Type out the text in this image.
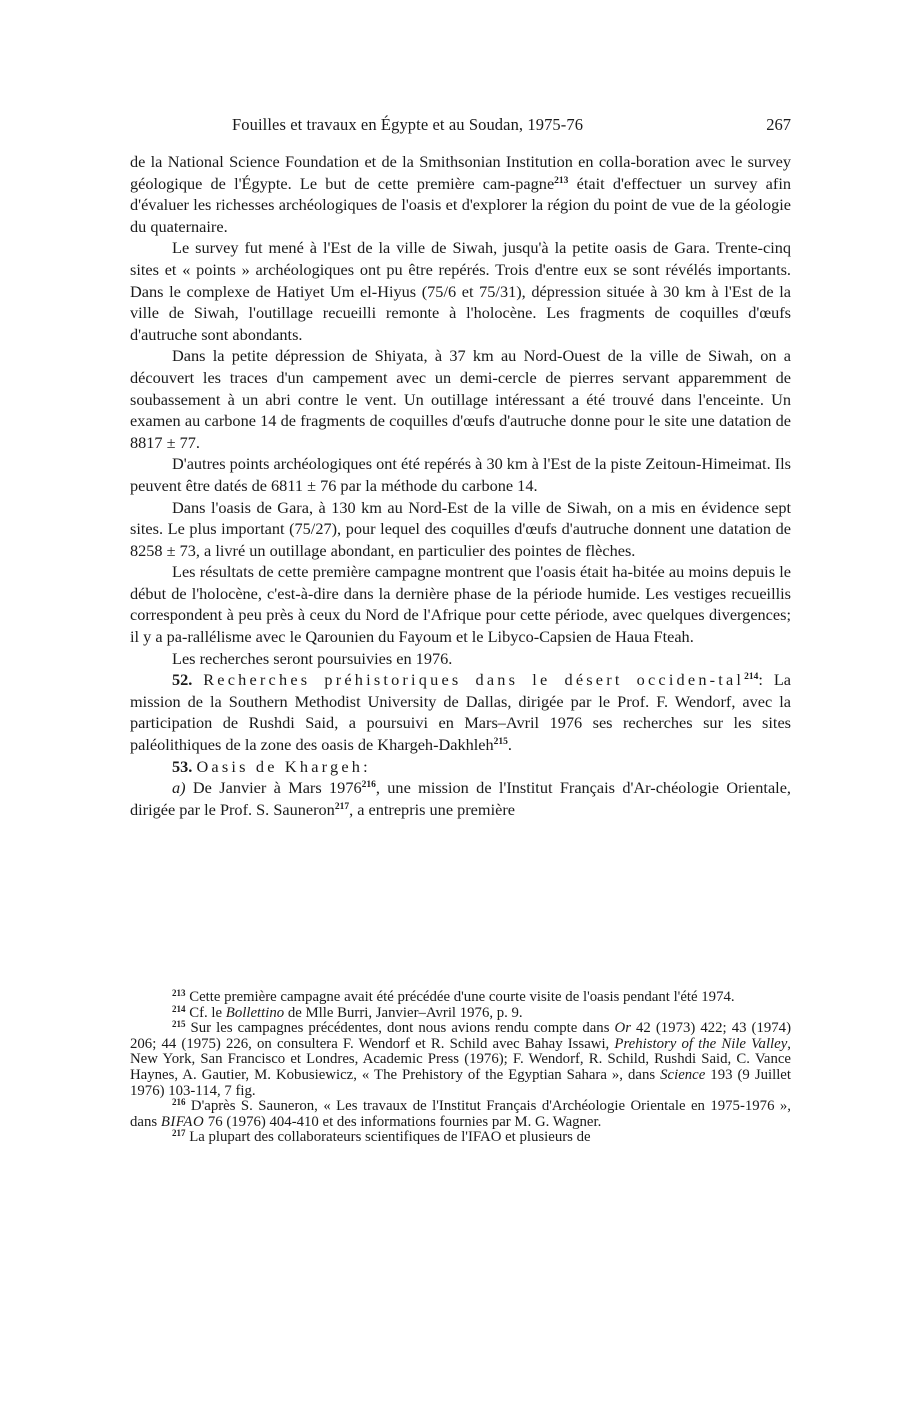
Fouilles et travaux en Égypte et au Soudan, 1975-76	267

de la National Science Foundation et de la Smithsonian Institution en colla-boration avec le survey géologique de l'Égypte. Le but de cette première cam-pagne$^{213}$ était d'effectuer un survey afin d'évaluer les richesses archéologiques de l'oasis et d'explorer la région du point de vue de la géologie du quaternaire.

Le survey fut mené à l'Est de la ville de Siwah, jusqu'à la petite oasis de Gara. Trente-cinq sites et « points » archéologiques ont pu être repérés. Trois d'entre eux se sont révélés importants. Dans le complexe de Hatiyet Um el-Hiyus (75/6 et 75/31), dépression située à 30 km à l'Est de la ville de Siwah, l'outillage recueilli remonte à l'holocène. Les fragments de coquilles d'œufs d'autruche sont abondants.

Dans la petite dépression de Shiyata, à 37 km au Nord-Ouest de la ville de Siwah, on a découvert les traces d'un campement avec un demi-cercle de pierres servant apparemment de soubassement à un abri contre le vent. Un outillage intéressant a été trouvé dans l'enceinte. Un examen au carbone 14 de fragments de coquilles d'œufs d'autruche donne pour le site une datation de 8817 ± 77.

D'autres points archéologiques ont été repérés à 30 km à l'Est de la piste Zeitoun-Himeimat. Ils peuvent être datés de 6811 ± 76 par la méthode du carbone 14.

Dans l'oasis de Gara, à 130 km au Nord-Est de la ville de Siwah, on a mis en évidence sept sites. Le plus important (75/27), pour lequel des coquilles d'œufs d'autruche donnent une datation de 8258 ± 73, a livré un outillage abondant, en particulier des pointes de flèches.

Les résultats de cette première campagne montrent que l'oasis était ha-bitée au moins depuis le début de l'holocène, c'est-à-dire dans la dernière phase de la période humide. Les vestiges recueillis correspondent à peu près à ceux du Nord de l'Afrique pour cette période, avec quelques divergences; il y a pa-rallélisme avec le Qarounien du Fayoum et le Libyco-Capsien de Haua Fteah.

Les recherches seront poursuivies en 1976.

52. Recherches préhistoriques dans le désert occiden-tal$^{214}$: La mission de la Southern Methodist University de Dallas, dirigée par le Prof. F. Wendorf, avec la participation de Rushdi Said, a poursuivi en Mars–Avril 1976 ses recherches sur les sites paléolithiques de la zone des oasis de Khargeh-Dakhleh$^{215}$.

53. Oasis de Khargeh:

a) De Janvier à Mars 1976$^{216}$, une mission de l'Institut Français d'Ar-chéologie Orientale, dirigée par le Prof. S. Sauneron$^{217}$, a entrepris une première

$^{213}$ Cette première campagne avait été précédée d'une courte visite de l'oasis pendant l'été 1974.

$^{214}$ Cf. le Bollettino de Mlle Burri, Janvier–Avril 1976, p. 9.

$^{215}$ Sur les campagnes précédentes, dont nous avions rendu compte dans Or 42 (1973) 422; 43 (1974) 206; 44 (1975) 226, on consultera F. Wendorf et R. Schild avec Bahay Issawi, Prehistory of the Nile Valley, New York, San Francisco et Londres, Academic Press (1976); F. Wendorf, R. Schild, Rushdi Said, C. Vance Haynes, A. Gautier, M. Kobusiewicz, « The Prehistory of the Egyptian Sahara », dans Science 193 (9 Juillet 1976) 103-114, 7 fig.

$^{216}$ D'après S. Sauneron, « Les travaux de l'Institut Français d'Archéologie Orientale en 1975-1976 », dans BIFAO 76 (1976) 404-410 et des informations fournies par M. G. Wagner.

$^{217}$ La plupart des collaborateurs scientifiques de l'IFAO et plusieurs de
